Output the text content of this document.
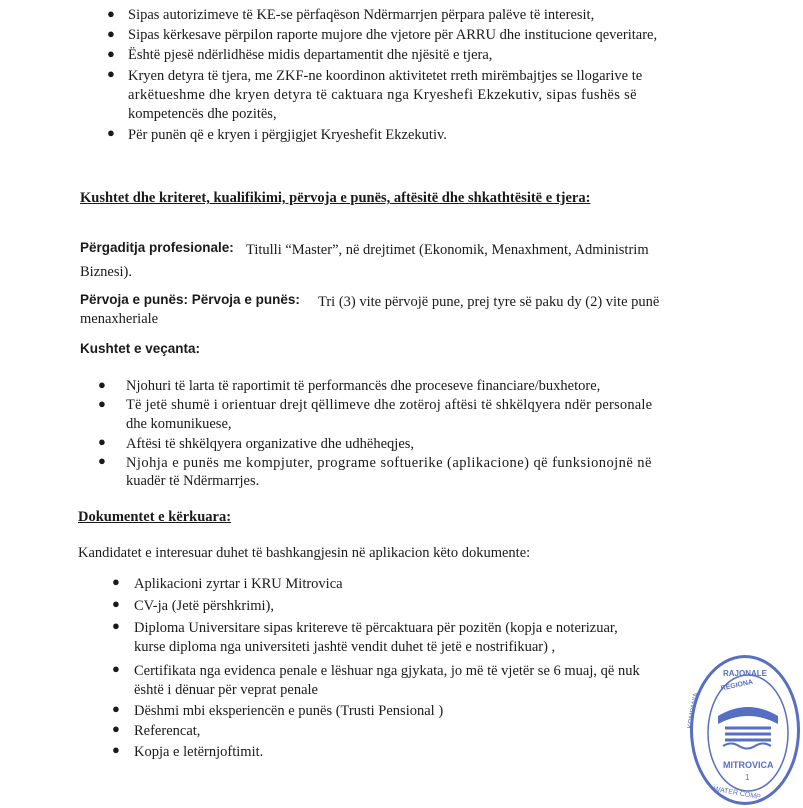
● Sipas autorizimeve të KE-se përfaqëson Ndërmarrjen përpara palëve të interesit,
● Sipas kërkesave përpilon raporte mujore dhe vjetore për ARRU dhe institucione qeveritare,
● Është pjesë ndërlidhëse midis departamentit dhe njësitë e tjera,
● Kryen detyra të tjera, me ZKF-ne koordinon aktivitetet rreth mirëmbajtjes se llogarive te
arkëtueshme dhe kryen detyra të caktuara nga Kryeshefi Ekzekutiv, sipas fushës së
kompetencës dhe pozitës,
● Për punën që e kryen i përgjigjet Kryeshefit Ekzekutiv.
Kushtet dhe kriteret, kualifikimi, përvoja e punës, aftësitë dhe shkathtësitë e tjera:
Përgaditja profesionale: Titulli “Master”, në drejtimet (Ekonomik, Menaxhment, Administrim
Biznesi).
Përvoja e punës: Përvoja e punës: Tri (3) vite përvojë pune, prej tyre së paku dy (2) vite punë
menaxheriale
Kushtet e veçanta:
● Njohuri të larta të raportimit të performancës dhe proceseve financiare/buxhetore,
● Të jetë shumë i orientuar drejt qëllimeve dhe zotëroj aftësi të shkëlqyera ndër personale
dhe komunikuese,
● Aftësi të shkëlqyera organizative dhe udhëheqjes,
● Njohja e punës me kompjuter, programe softuerike (aplikacione) që funksionojnë në
kuadër të Ndërmarrjes.
Dokumentet e kërkuara:
Kandidatet e interesuar duhet të bashkangjesin në aplikacion këto dokumente:
● Aplikacioni zyrtar i KRU Mitrovica
● CV-ja (Jetë përshkrimi),
● Diploma Universitare sipas kritereve të përcaktuara për pozitën (kopja e noterizuar,
kurse diploma nga universiteti jashtë vendit duhet të jetë e nostrifikuar) ,
● Certifikata nga evidenca penale e lëshuar nga gjykata, jo më të vjetër se 6 muaj, që nuk
është i dënuar për veprat penale
● Dëshmi mbi eksperiencën e punës (Trusti Pensional )
● Referencat,
● Kopja e letërnjoftimit.
RAJONALE
REGIONA
KOMPANIA
MITROVICA
1
WATER COMP
